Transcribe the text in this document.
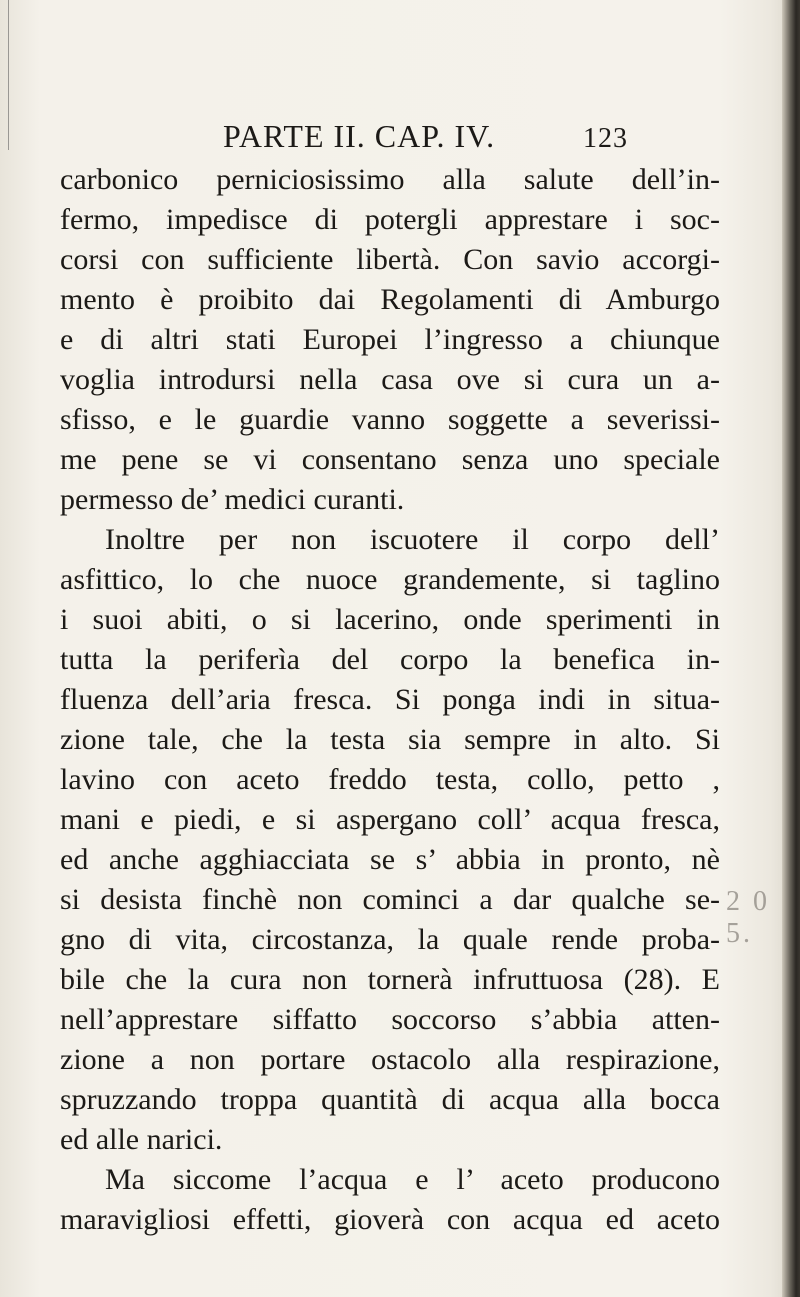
PARTE II. CAP. IV.	123
carbonico perniciosissimo alla salute dell’in-
fermo, impedisce di potergli apprestare i soc-
corsi con sufficiente libertà. Con savio accorgi-
mento è proibito dai Regolamenti di Amburgo
e di altri stati Europei l’ingresso a chiunque
voglia introdursi nella casa ove si cura un a-
sfisso, e le guardie vanno soggette a severissi-
me pene se vi consentano senza uno speciale
permesso de’ medici curanti.
Inoltre per non iscuotere il corpo dell’
asfittico, lo che nuoce grandemente, si taglino
i suoi abiti, o si lacerino, onde sperimenti in
tutta la periferìa del corpo la benefica in-
fluenza dell’aria fresca. Si ponga indi in situa-
zione tale, che la testa sia sempre in alto. Si
lavino con aceto freddo testa, collo, petto ,
mani e piedi, e si aspergano coll’ acqua fresca,
ed anche agghiacciata se s’ abbia in pronto, nè
si desista finchè non cominci a dar qualche se-
gno di vita, circostanza, la quale rende proba-
bile che la cura non tornerà infruttuosa (28). E
nell’apprestare siffatto soccorso s’abbia atten-
zione a non portare ostacolo alla respirazione,
spruzzando troppa quantità di acqua alla bocca
ed alle narici.
Ma siccome l’acqua e l’ aceto producono
maravigliosi effetti, gioverà con acqua ed aceto
2 0 5.
